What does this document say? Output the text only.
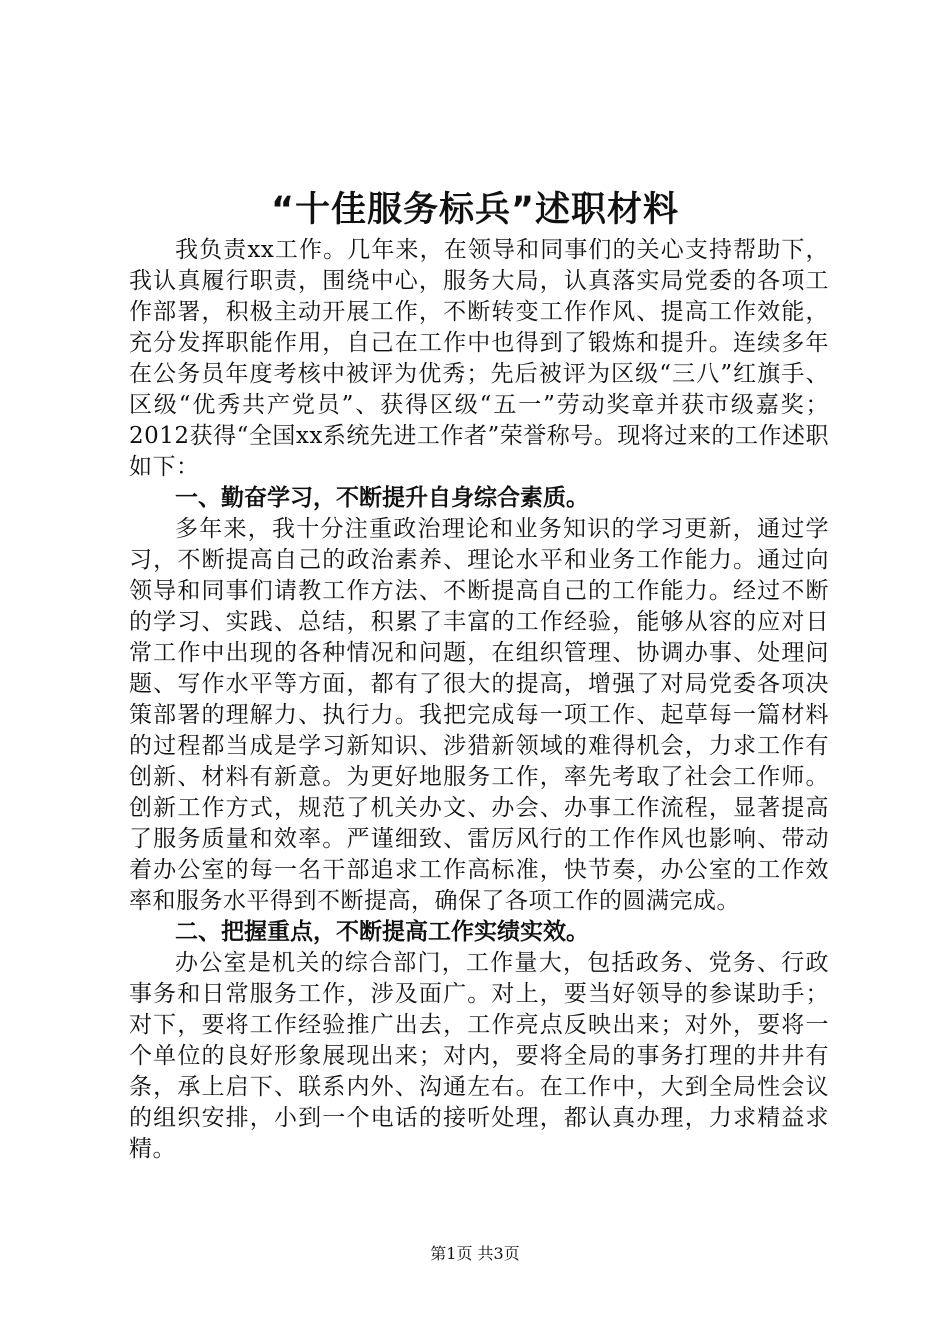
“十佳服务标兵”述职材料

我负责xx工作。几年来，在领导和同事们的关心支持帮助下，我认真履行职责，围绕中心，服务大局，认真落实局党委的各项工作部署，积极主动开展工作，不断转变工作作风、提高工作效能，充分发挥职能作用，自己在工作中也得到了锻炼和提升。连续多年在公务员年度考核中被评为优秀；先后被评为区级“三八”红旗手、区级“优秀共产党员”、获得区级“五一”劳动奖章并获市级嘉奖；2012获得“全国xx系统先进工作者”荣誉称号。现将过来的工作述职如下：

一、勤奋学习，不断提升自身综合素质。

多年来，我十分注重政治理论和业务知识的学习更新，通过学习，不断提高自己的政治素养、理论水平和业务工作能力。通过向领导和同事们请教工作方法、不断提高自己的工作能力。经过不断的学习、实践、总结，积累了丰富的工作经验，能够从容的应对日常工作中出现的各种情况和问题，在组织管理、协调办事、处理问题、写作水平等方面，都有了很大的提高，增强了对局党委各项决策部署的理解力、执行力。我把完成每一项工作、起草每一篇材料的过程都当成是学习新知识、涉猎新领域的难得机会，力求工作有创新、材料有新意。为更好地服务工作，率先考取了社会工作师。创新工作方式，规范了机关办文、办会、办事工作流程，显著提高了服务质量和效率。严谨细致、雷厉风行的工作作风也影响、带动着办公室的每一名干部追求工作高标准，快节奏，办公室的工作效率和服务水平得到不断提高，确保了各项工作的圆满完成。

二、把握重点，不断提高工作实绩实效。

办公室是机关的综合部门，工作量大，包括政务、党务、行政事务和日常服务工作，涉及面广。对上，要当好领导的参谋助手；对下，要将工作经验推广出去，工作亮点反映出来；对外，要将一个单位的良好形象展现出来；对内，要将全局的事务打理的井井有条，承上启下、联系内外、沟通左右。在工作中，大到全局性会议的组织安排，小到一个电话的接听处理，都认真办理，力求精益求精。

第1页 共3页
